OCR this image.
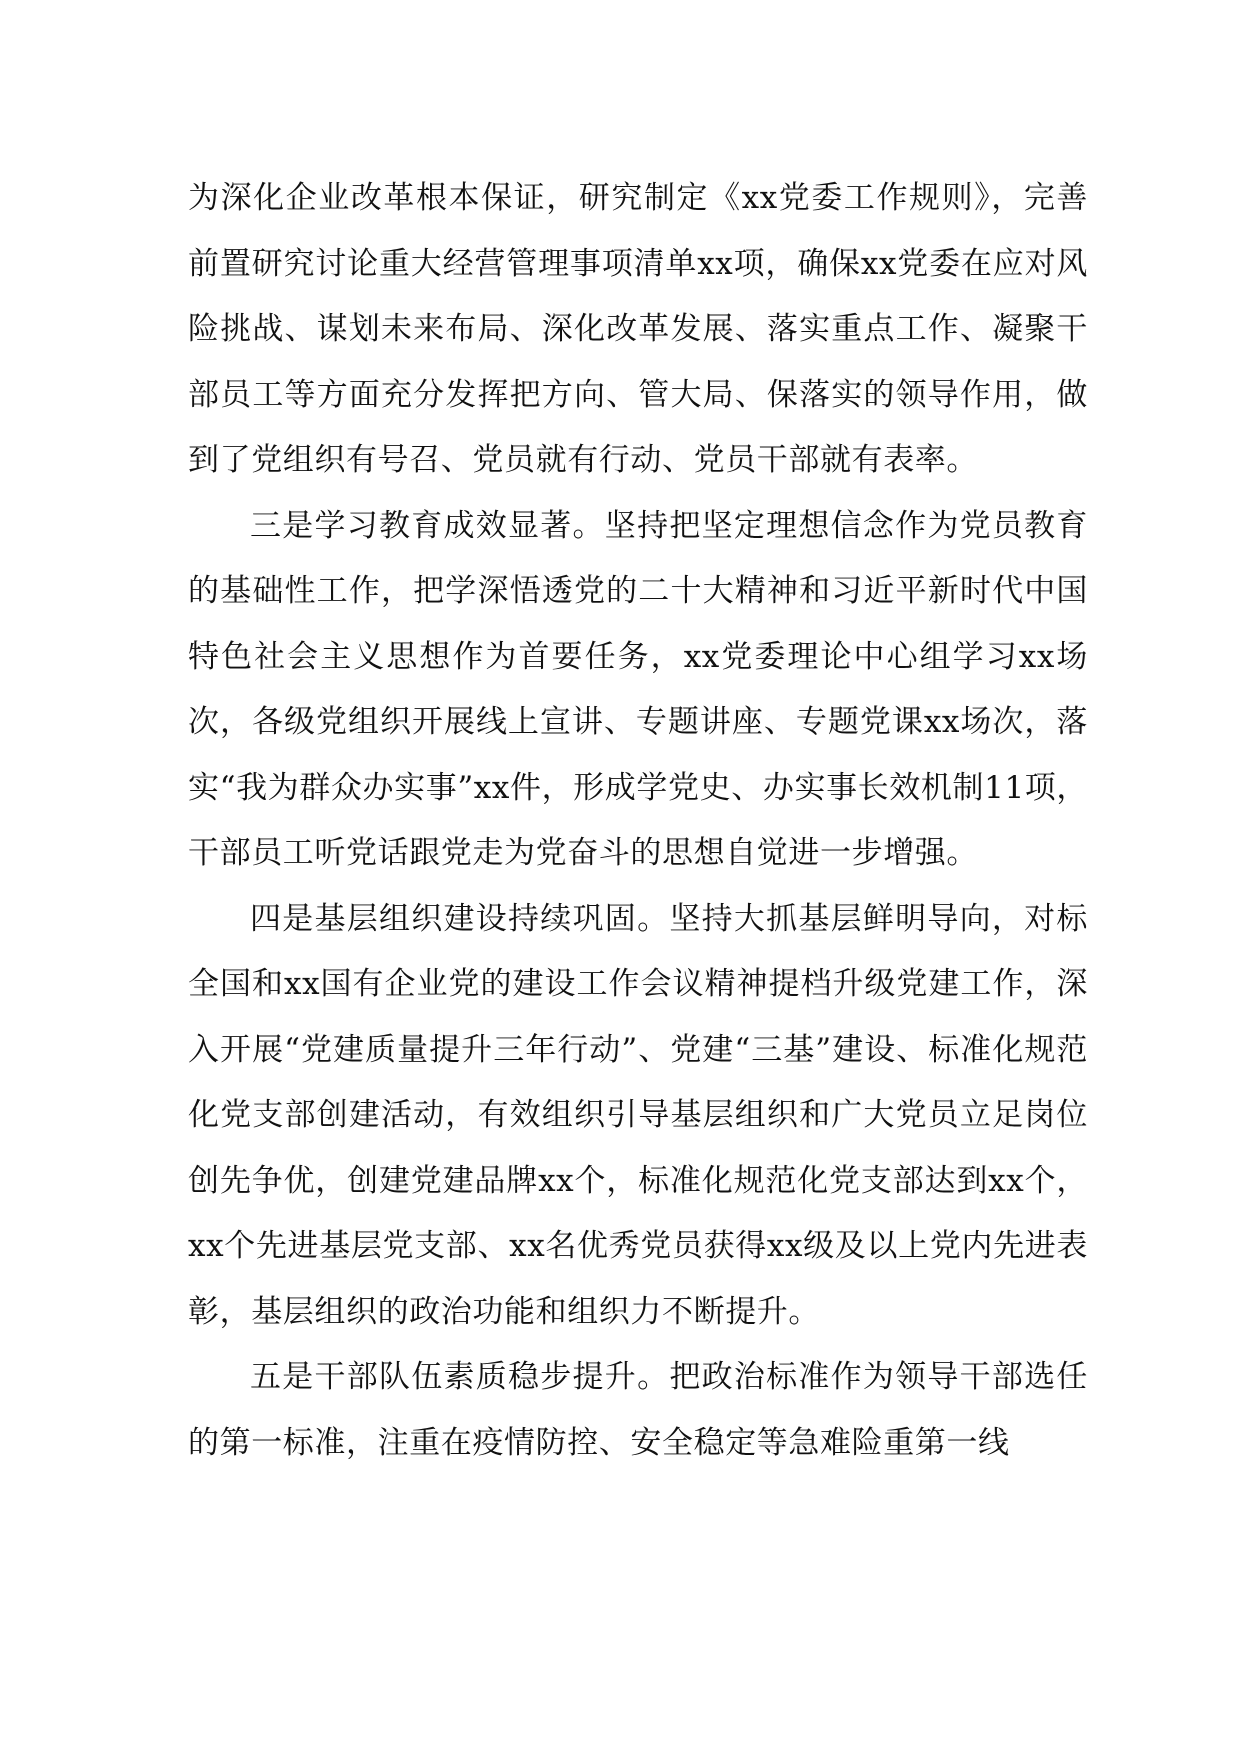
为深化企业改革根本保证，研究制定《xx党委工作规则》，完善前置研究讨论重大经营管理事项清单xx项，确保xx党委在应对风险挑战、谋划未来布局、深化改革发展、落实重点工作、凝聚干部员工等方面充分发挥把方向、管大局、保落实的领导作用，做到了党组织有号召、党员就有行动、党员干部就有表率。

三是学习教育成效显著。坚持把坚定理想信念作为党员教育的基础性工作，把学深悟透党的二十大精神和习近平新时代中国特色社会主义思想作为首要任务，xx党委理论中心组学习xx场次，各级党组织开展线上宣讲、专题讲座、专题党课xx场次，落实“我为群众办实事”xx件，形成学党史、办实事长效机制11项，干部员工听党话跟党走为党奋斗的思想自觉进一步增强。

四是基层组织建设持续巩固。坚持大抓基层鲜明导向，对标全国和xx国有企业党的建设工作会议精神提档升级党建工作，深入开展“党建质量提升三年行动”、党建“三基”建设、标准化规范化党支部创建活动，有效组织引导基层组织和广大党员立足岗位创先争优，创建党建品牌xx个，标准化规范化党支部达到xx个，xx个先进基层党支部、xx名优秀党员获得xx级及以上党内先进表彰，基层组织的政治功能和组织力不断提升。

五是干部队伍素质稳步提升。把政治标准作为领导干部选任的第一标准，注重在疫情防控、安全稳定等急难险重第一线
